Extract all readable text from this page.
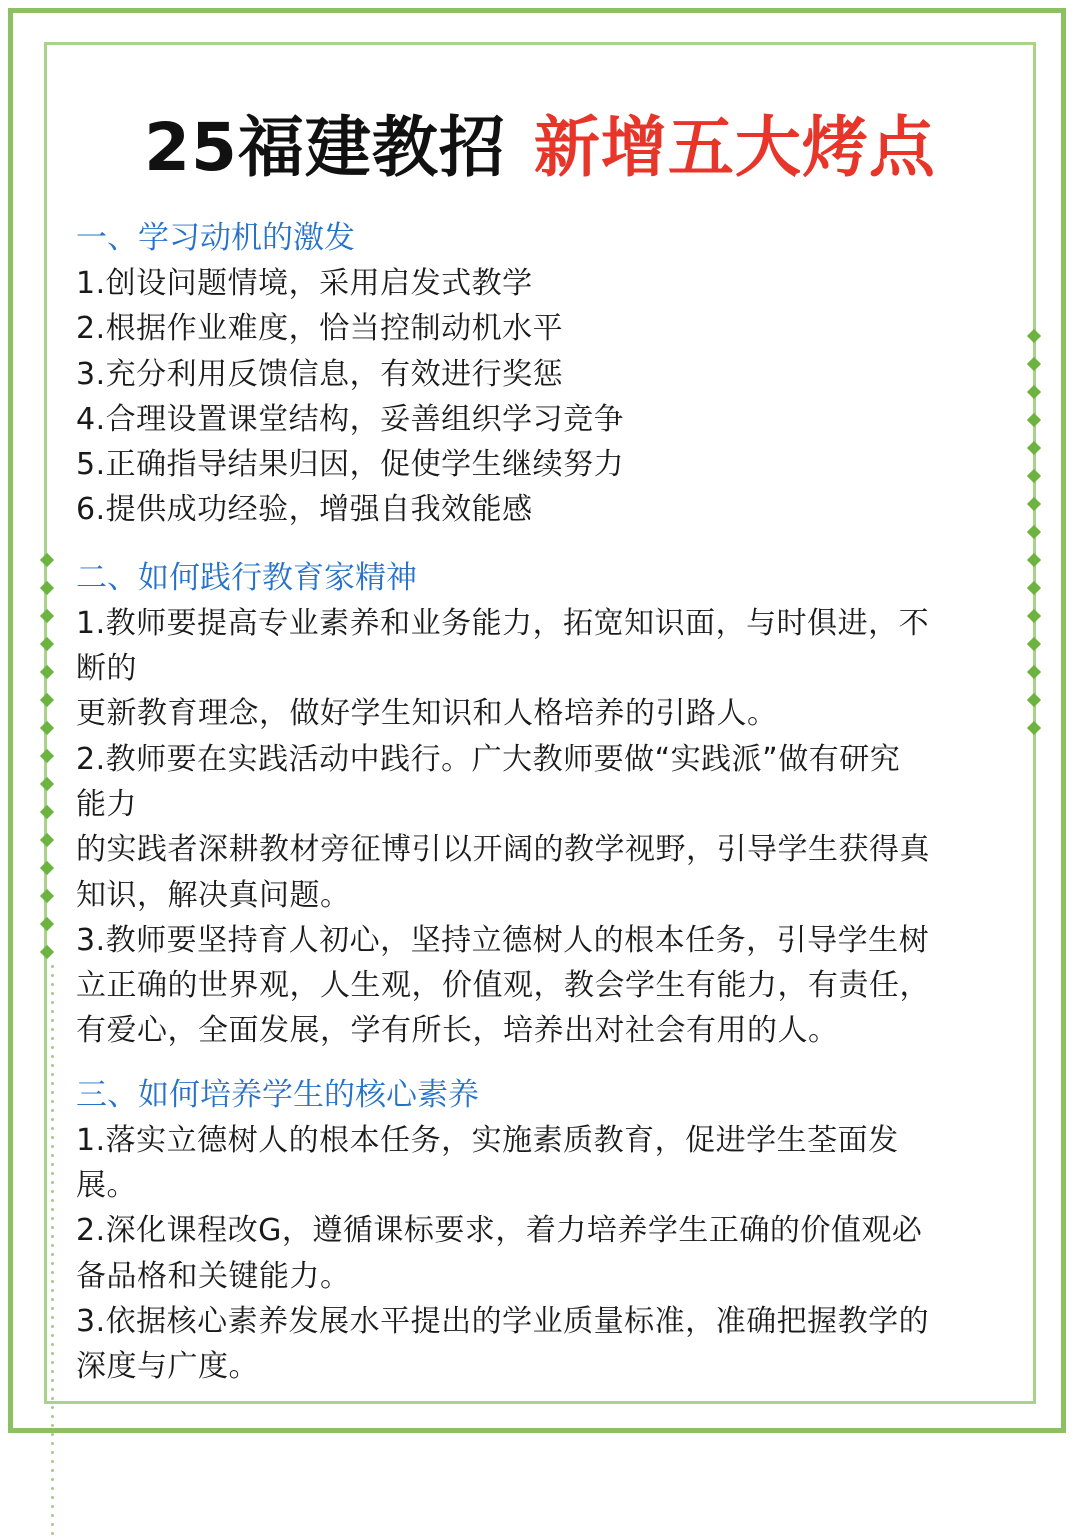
25福建教招 新增五大烤点

一、学习动机的激发

1.创设问题情境，采用启发式教学

2.根据作业难度，恰当控制动机水平

3.充分利用反馈信息，有效进行奖惩

4.合理设置课堂结构，妥善组织学习竞争

5.正确指导结果归因，促使学生继续努力

6.提供成功经验，增强自我效能感

二、如何践行教育家精神

1.教师要提高专业素养和业务能力，拓宽知识面，与时俱进，不

断的

更新教育理念，做好学生知识和人格培养的引路人。

2.教师要在实践活动中践行。广大教师要做“实践派”做有研究

能力

的实践者深耕教材旁征博引以开阔的教学视野，引导学生获得真

知识，解决真问题。

3.教师要坚持育人初心，坚持立德树人的根本任务，引导学生树

立正确的世界观，人生观，价值观，教会学生有能力，有责任，

有爱心，全面发展，学有所长，培养出对社会有用的人。

三、如何培养学生的核心素养

1.落实立德树人的根本任务，实施素质教育，促进学生荃面发

展。

2.深化课程改G，遵循课标要求，着力培养学生正确的价值观必

备品格和关键能力。

3.依据核心素养发展水平提出的学业质量标准，准确把握教学的

深度与广度。
